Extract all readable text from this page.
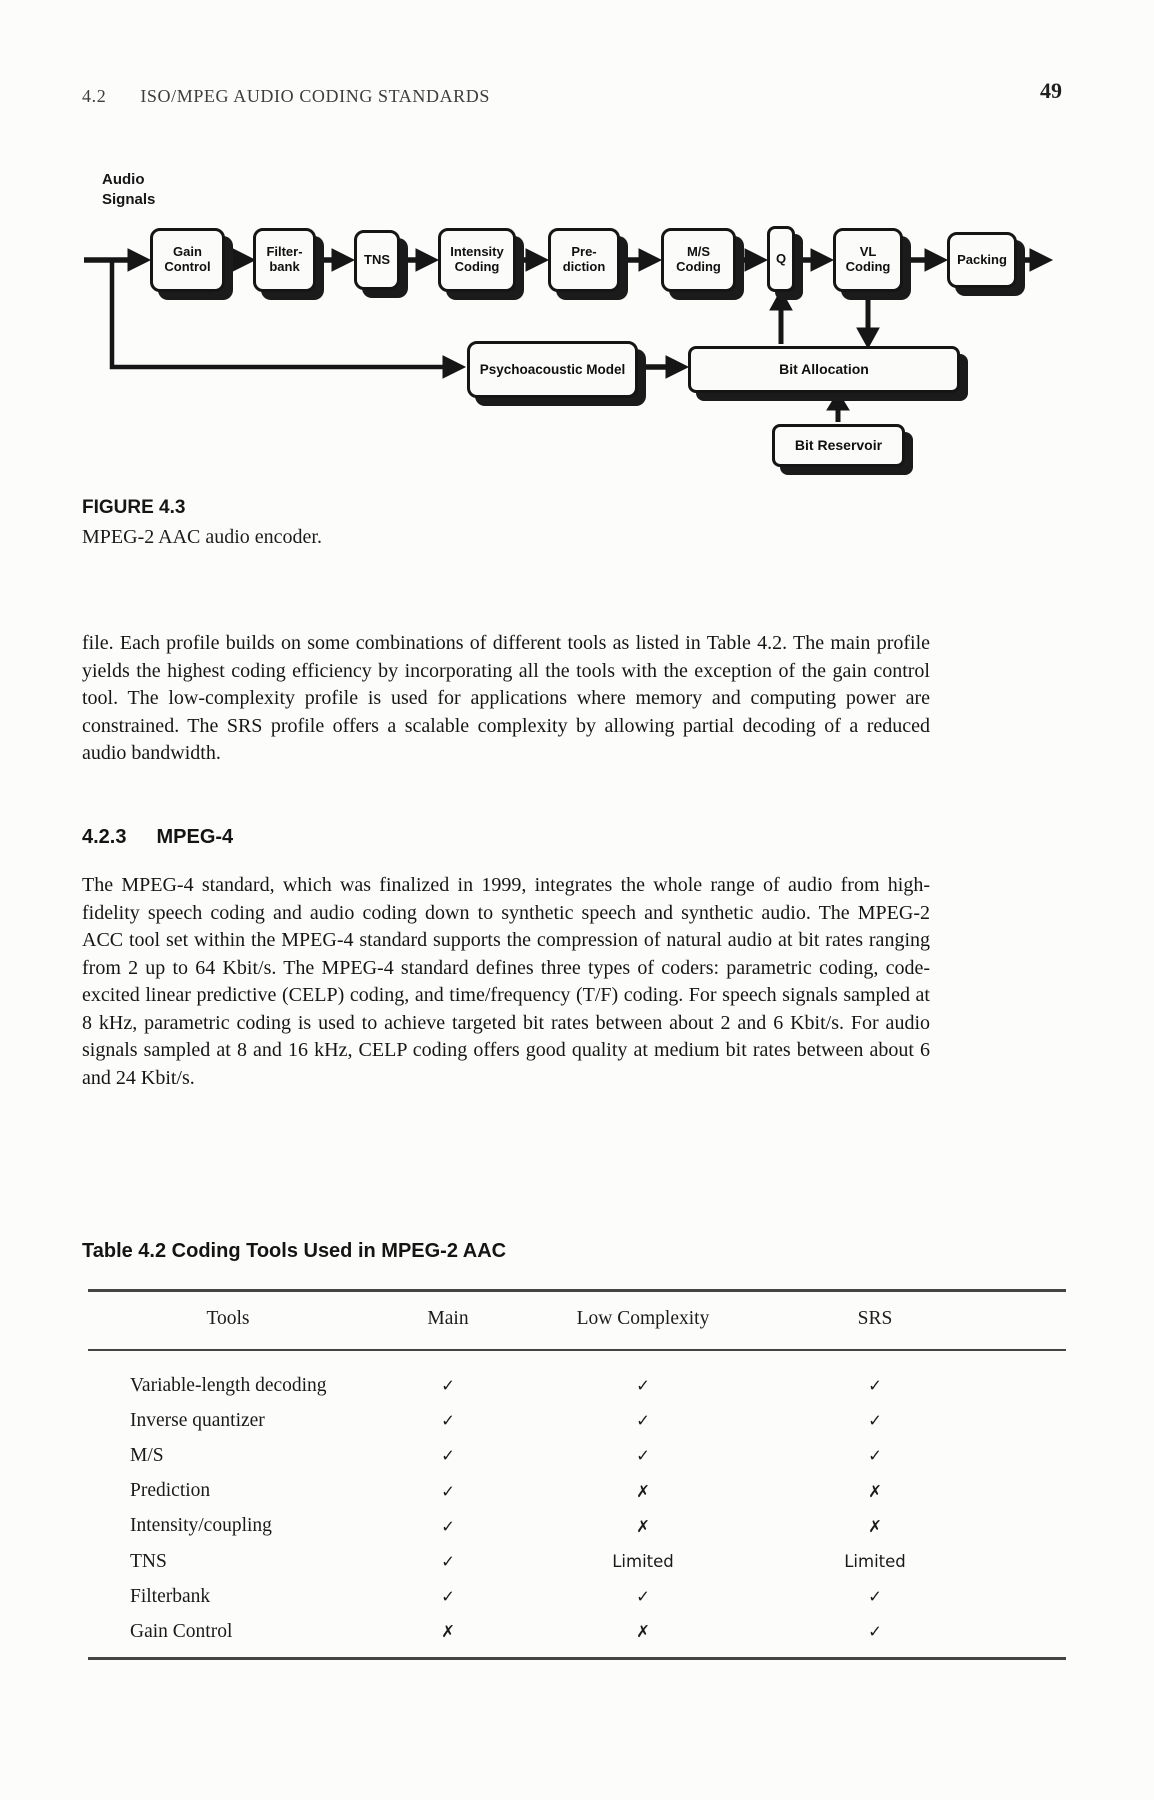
4.2 ISO/MPEG AUDIO CODING STANDARDS	49
Audio Signals
Gain Control
Filter-bank	TNS	Intensity Coding
Pre-diction
M/S Coding
Q	VL Coding	Packing
Psychoacoustic Model	Bit Allocation
Bit Reservoir
FIGURE 4.3
MPEG-2 AAC audio encoder.
file. Each profile builds on some combinations of different tools as listed in Table 4.2. The main profile yields the highest coding efficiency by incorporating all the tools with the exception of the gain control tool. The low-complexity profile is used for applications where memory and computing power are constrained. The SRS profile offers a scalable complexity by allowing partial decoding of a reduced audio bandwidth.
4.2.3 MPEG-4
The MPEG-4 standard, which was finalized in 1999, integrates the whole range of audio from high-fidelity speech coding and audio coding down to synthetic speech and synthetic audio. The MPEG-2 ACC tool set within the MPEG-4 standard supports the compression of natural audio at bit rates ranging from 2 up to 64 Kbit/s. The MPEG-4 standard defines three types of coders: parametric coding, code-excited linear predictive (CELP) coding, and time/frequency (T/F) coding. For speech signals sampled at 8 kHz, parametric coding is used to achieve targeted bit rates between about 2 and 6 Kbit/s. For audio signals sampled at 8 and 16 kHz, CELP coding offers good quality at medium bit rates between about 6 and 24 Kbit/s.
Table 4.2 Coding Tools Used in MPEG-2 AAC
Tools	Main	Low Complexity	SRS
Variable-length decoding	✓	✓	✓
Inverse quantizer	✓	✓	✓
M/S	✓	✓	✓
Prediction	✓	✗	✗
Intensity/coupling	✓	✗	✗
TNS	✓	Limited	Limited
Filterbank	✓	✓	✓
Gain Control	✗	✗	✓
